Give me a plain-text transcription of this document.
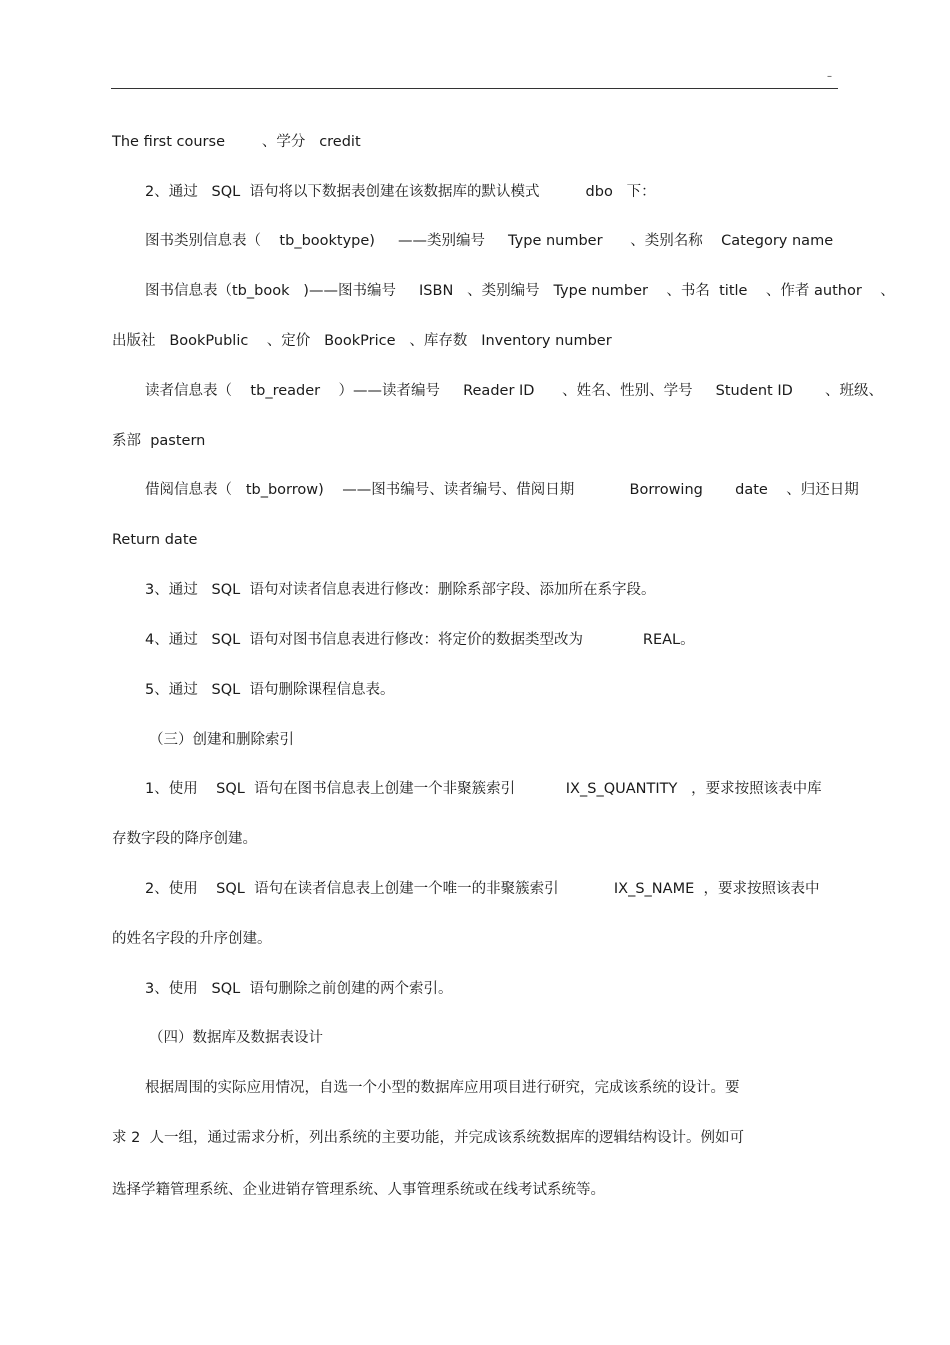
–
The first course        、学分   credit
2、通过   SQL  语句将以下数据表创建在该数据库的默认模式          dbo   下：
图书类别信息表（    tb_booktype)     ——类别编号     Type number      、类别名称    Category name
图书信息表（tb_book   )——图书编号     ISBN   、类别编号   Type number    、书名  title    、作者 author    、
出版社   BookPublic    、定价   BookPrice   、库存数   Inventory number
读者信息表（    tb_reader    ）——读者编号     Reader ID      、姓名、性别、学号     Student ID       、班级、
系部  pastern
借阅信息表（   tb_borrow)    ——图书编号、读者编号、借阅日期            Borrowing       date    、归还日期
Return date
3、通过   SQL  语句对读者信息表进行修改：删除系部字段、添加所在系字段。
4、通过   SQL  语句对图书信息表进行修改：将定价的数据类型改为             REAL。
5、通过   SQL  语句删除课程信息表。
（三）创建和删除索引
1、使用    SQL  语句在图书信息表上创建一个非聚簇索引           IX_S_QUANTITY   ，要求按照该表中库
存数字段的降序创建。
2、使用    SQL  语句在读者信息表上创建一个唯一的非聚簇索引            IX_S_NAME  ，要求按照该表中
的姓名字段的升序创建。
3、使用   SQL  语句删除之前创建的两个索引。
（四）数据库及数据表设计
根据周围的实际应用情况，自选一个小型的数据库应用项目进行研究，完成该系统的设计。要
求 2  人一组，通过需求分析，列出系统的主要功能，并完成该系统数据库的逻辑结构设计。例如可
选择学籍管理系统、企业进销存管理系统、人事管理系统或在线考试系统等。
